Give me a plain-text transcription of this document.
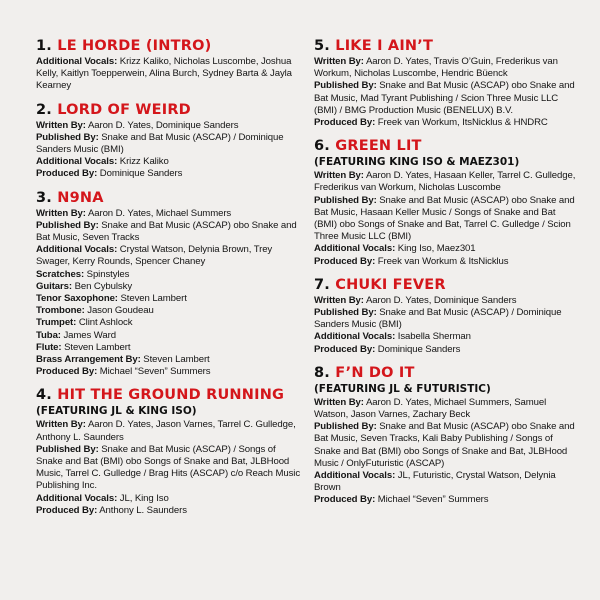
1. LE HORDE (INTRO)
Additional Vocals: Krizz Kaliko, Nicholas Luscombe, Joshua Kelly, Kaitlyn Toepperwein, Alina Burch, Sydney Barta & Jayla Kearney
2. LORD OF WEIRD
Written By: Aaron D. Yates, Dominique Sanders
Published By: Snake and Bat Music (ASCAP) / Dominique Sanders Music (BMI)
Additional Vocals: Krizz Kaliko
Produced By: Dominique Sanders
3. N9NA
Written By: Aaron D. Yates, Michael Summers
Published By: Snake and Bat Music (ASCAP) obo Snake and Bat Music, Seven Tracks
Additional Vocals: Crystal Watson, Delynia Brown, Trey Swager, Kerry Rounds, Spencer Chaney
Scratches: Spinstyles
Guitars: Ben Cybulsky
Tenor Saxophone: Steven Lambert
Trombone: Jason Goudeau
Trumpet: Clint Ashlock
Tuba: James Ward
Flute: Steven Lambert
Brass Arrangement By: Steven Lambert
Produced By: Michael “Seven” Summers
4. HIT THE GROUND RUNNING
(FEATURING JL & KING ISO)
Written By: Aaron D. Yates, Jason Varnes, Tarrel C. Gulledge, Anthony L. Saunders
Published By: Snake and Bat Music (ASCAP) / Songs of Snake and Bat (BMI) obo Songs of Snake and Bat, JLBHood Music, Tarrel C. Gulledge / Brag Hits (ASCAP) c/o Reach Music Publishing Inc.
Additional Vocals: JL, King Iso
Produced By: Anthony L. Saunders
5. LIKE I AIN’T
Written By: Aaron D. Yates, Travis O’Guin, Frederikus van Workum, Nicholas Luscombe, Hendric Büenck
Published By: Snake and Bat Music (ASCAP) obo Snake and Bat Music, Mad Tyrant Publishing / Scion Three Music LLC (BMI) / BMG Production Music (BENELUX) B.V.
Produced By: Freek van Workum, ItsNicklus & HNDRC
6. GREEN LIT
(FEATURING KING ISO & MAEZ301)
Written By: Aaron D. Yates, Hasaan Keller, Tarrel C. Gulledge, Frederikus van Workum, Nicholas Luscombe
Published By: Snake and Bat Music (ASCAP) obo Snake and Bat Music, Hasaan Keller Music / Songs of Snake and Bat (BMI) obo Songs of Snake and Bat, Tarrel C. Gulledge / Scion Three Music LLC (BMI)
Additional Vocals: King Iso, Maez301
Produced By: Freek van Workum & ItsNicklus
7. CHUKI FEVER
Written By: Aaron D. Yates, Dominique Sanders
Published By: Snake and Bat Music (ASCAP) / Dominique Sanders Music (BMI)
Additional Vocals: Isabella Sherman
Produced By: Dominique Sanders
8. F’N DO IT
(FEATURING JL & FUTURISTIC)
Written By: Aaron D. Yates, Michael Summers, Samuel Watson, Jason Varnes, Zachary Beck
Published By: Snake and Bat Music (ASCAP) obo Snake and Bat Music, Seven Tracks, Kali Baby Publishing / Songs of Snake and Bat (BMI) obo Songs of Snake and Bat, JLBHood Music / OnlyFuturistic (ASCAP)
Additional Vocals: JL, Futuristic, Crystal Watson, Delynia Brown
Produced By: Michael “Seven” Summers
